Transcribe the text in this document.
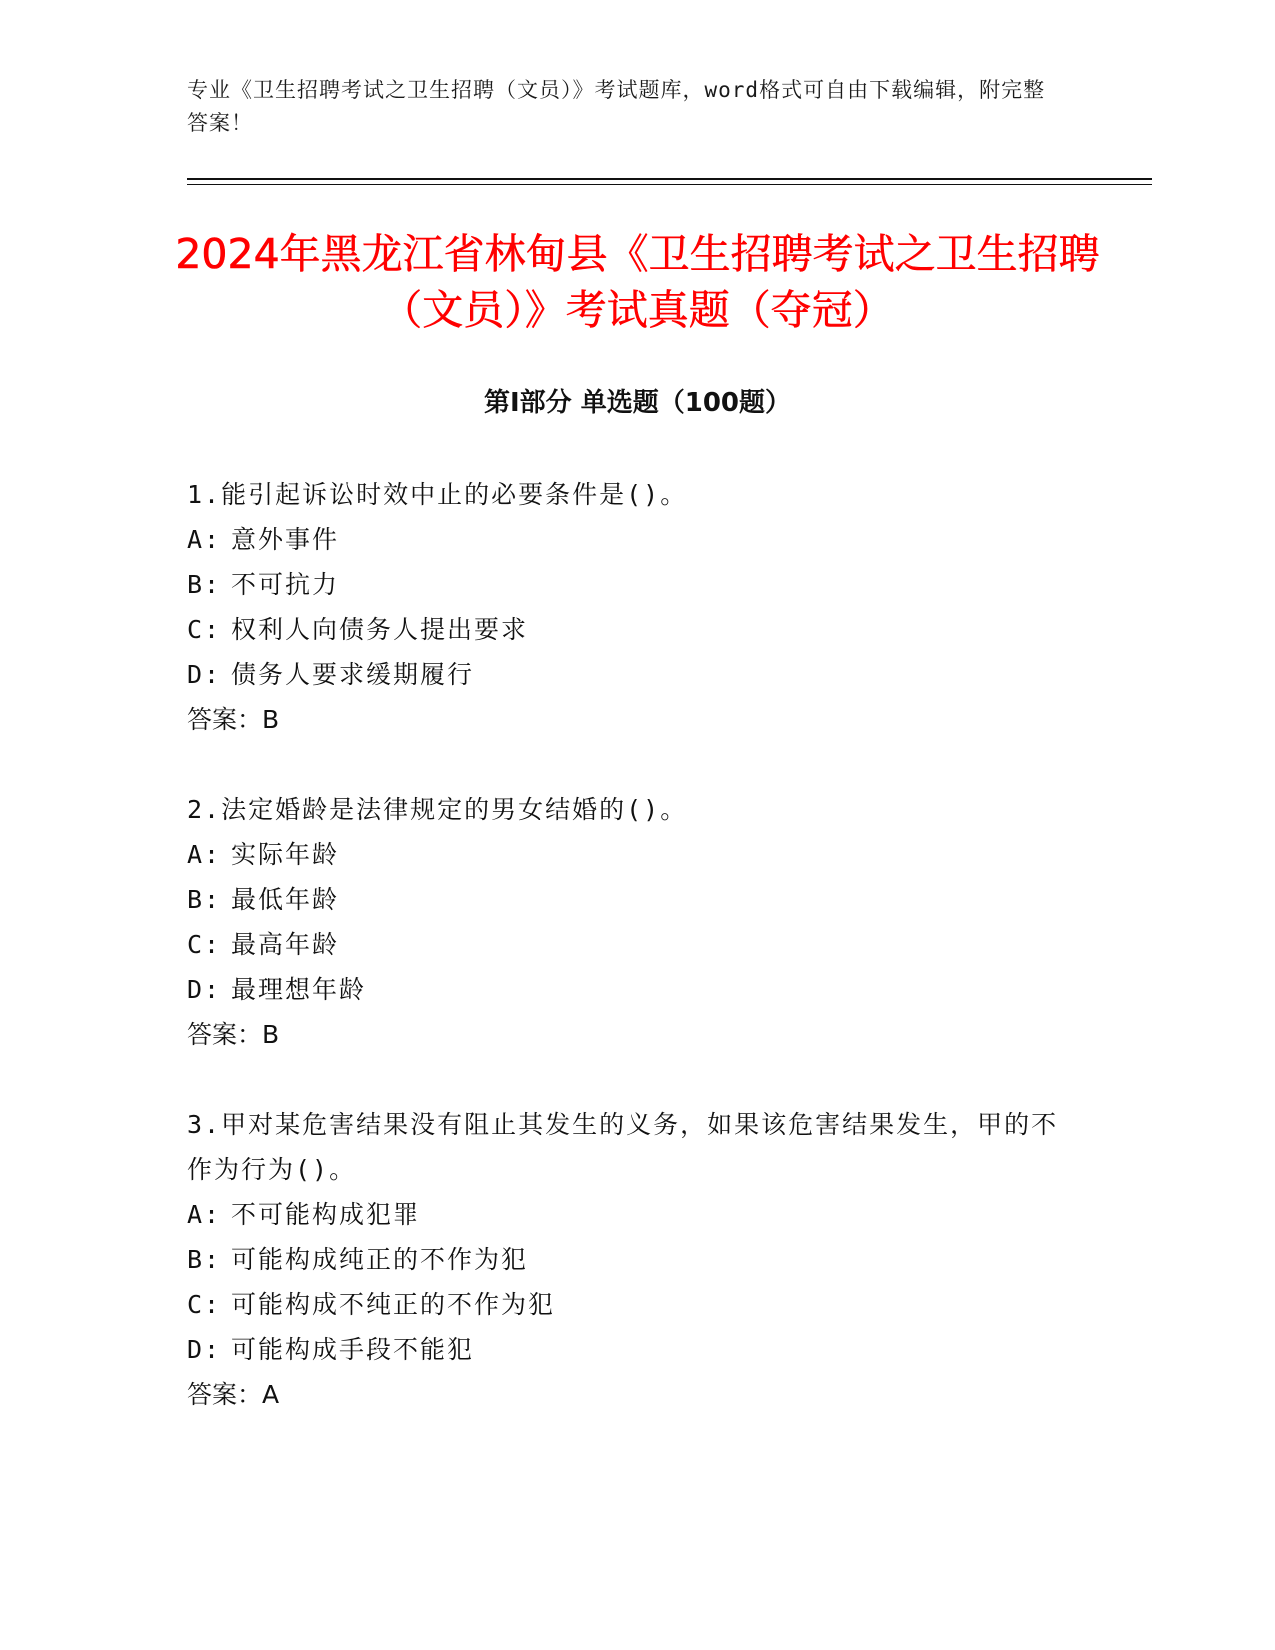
专业《卫生招聘考试之卫生招聘（文员）》考试题库，word格式可自由下载编辑，附完整答案！

2024年黑龙江省林甸县《卫生招聘考试之卫生招聘（文员）》考试真题（夺冠）
第I部分 单选题（100题）

1.能引起诉讼时效中止的必要条件是()。

A: 意外事件
B: 不可抗力
C: 权利人向债务人提出要求
D: 债务人要求缓期履行

答案：B

2.法定婚龄是法律规定的男女结婚的()。

A: 实际年龄
B: 最低年龄
C: 最高年龄
D: 最理想年龄

答案：B

3.甲对某危害结果没有阻止其发生的义务，如果该危害结果发生，甲的不作为行为()。

A: 不可能构成犯罪
B: 可能构成纯正的不作为犯
C: 可能构成不纯正的不作为犯
D: 可能构成手段不能犯

答案：A
